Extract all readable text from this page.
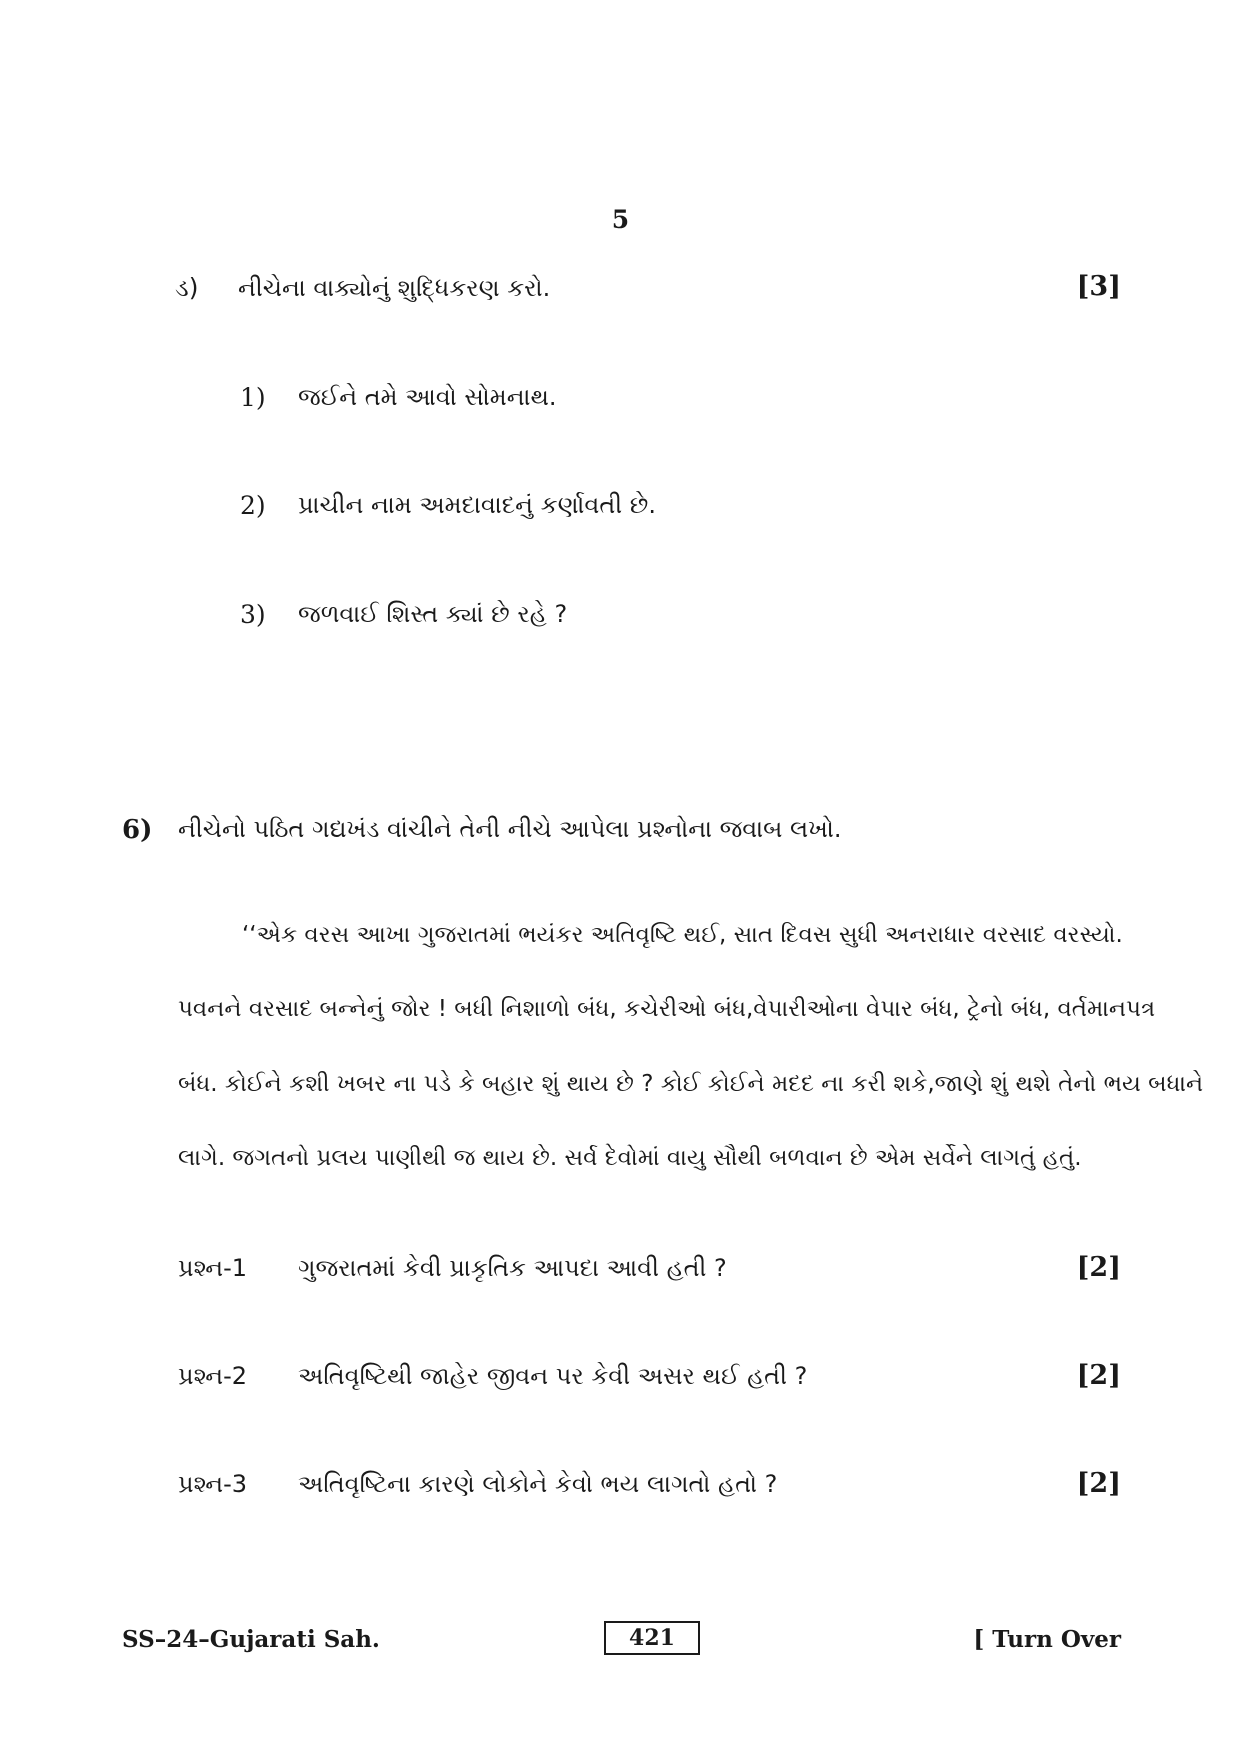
5
ડ) નીચેના વાક્યોનું શુદ્ધિકરણ કરો.	[3]
1) જઈને તમે આવો સોમનાથ.
2) પ્રાચીન નામ અમદાવાદનું કર્ણાવતી છે.
3) જળવાઈ શિસ્ત ક્યાં છે રહે ?
6) નીચેનો પઠિત ગદ્યખંડ વાંચીને તેની નીચે આપેલા પ્રશ્નોના જવાબ લખો.
‘‘એક વરસ આખા ગુજરાતમાં ભયંકર અતિવૃષ્ટિ થઈ, સાત દિવસ સુધી અનરાધાર વરસાદ વરસ્યો.
પવનને વરસાદ બન્નેનું જોર ! બધી નિશાળો બંધ, કચેરીઓ બંધ,વેપારીઓના વેપાર બંધ, ટ્રેનો બંધ, વર્તમાનપત્ર
બંધ. કોઈને કશી ખબર ના પડે કે બહાર શું થાય છે ? કોઈ કોઈને મદદ ના કરી શકે,જાણે શું થશે તેનો ભય બધાને
લાગે. જગતનો પ્રલય પાણીથી જ થાય છે. સર્વ દેવોમાં વાયુ સૌથી બળવાન છે એમ સર્વેને લાગતું હતું.
પ્રશ્ન-1 ગુજરાતમાં કેવી પ્રાકૃતિક આપદા આવી હતી ?	[2]
પ્રશ્ન-2 અતિવૃષ્ટિથી જાહેર જીવન પર કેવી અસર થઈ હતી ?	[2]
પ્રશ્ન-3 અતિવૃષ્ટિના કારણે લોકોને કેવો ભય લાગતો હતો ?	[2]
SS–24–Gujarati Sah.	421	[ Turn Over
